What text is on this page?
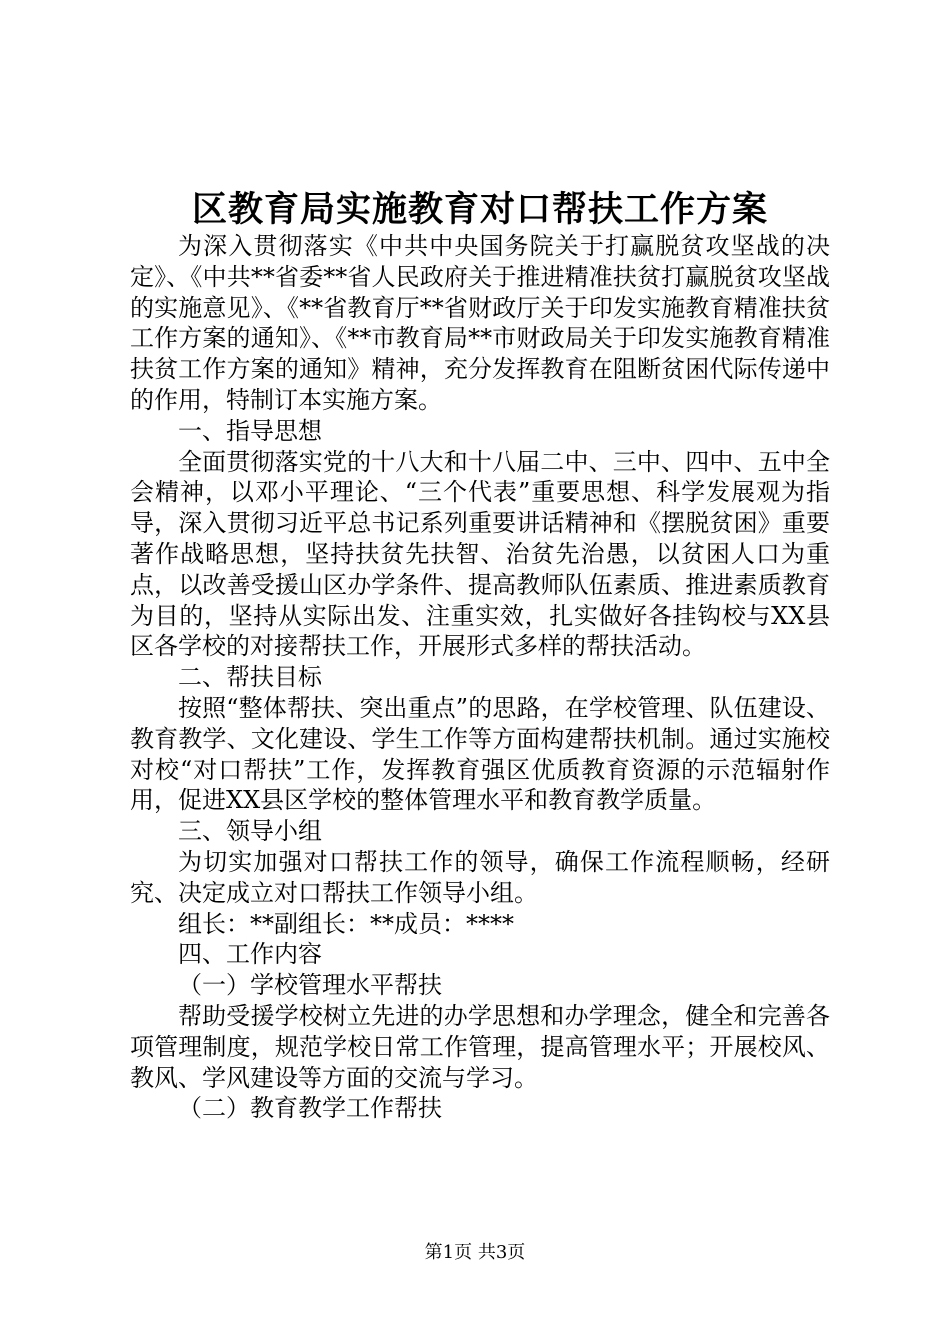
区教育局实施教育对口帮扶工作方案

为深入贯彻落实《中共中央国务院关于打赢脱贫攻坚战的决定》、《中共**省委**省人民政府关于推进精准扶贫打赢脱贫攻坚战的实施意见》、《**省教育厅**省财政厅关于印发实施教育精准扶贫工作方案的通知》、《**市教育局**市财政局关于印发实施教育精准扶贫工作方案的通知》精神，充分发挥教育在阻断贫困代际传递中的作用，特制订本实施方案。

一、指导思想

全面贯彻落实党的十八大和十八届二中、三中、四中、五中全会精神，以邓小平理论、“三个代表”重要思想、科学发展观为指导，深入贯彻习近平总书记系列重要讲话精神和《摆脱贫困》重要著作战略思想，坚持扶贫先扶智、治贫先治愚，以贫困人口为重点，以改善受援山区办学条件、提高教师队伍素质、推进素质教育为目的，坚持从实际出发、注重实效，扎实做好各挂钩校与XX县区各学校的对接帮扶工作，开展形式多样的帮扶活动。

二、帮扶目标

按照“整体帮扶、突出重点”的思路，在学校管理、队伍建设、教育教学、文化建设、学生工作等方面构建帮扶机制。通过实施校对校“对口帮扶”工作，发挥教育强区优质教育资源的示范辐射作用，促进XX县区学校的整体管理水平和教育教学质量。

三、领导小组

为切实加强对口帮扶工作的领导，确保工作流程顺畅，经研究、决定成立对口帮扶工作领导小组。

组长：**副组长：**成员：****

四、工作内容

（一）学校管理水平帮扶

帮助受援学校树立先进的办学思想和办学理念，健全和完善各项管理制度，规范学校日常工作管理，提高管理水平；开展校风、教风、学风建设等方面的交流与学习。

（二）教育教学工作帮扶

第1页 共3页
